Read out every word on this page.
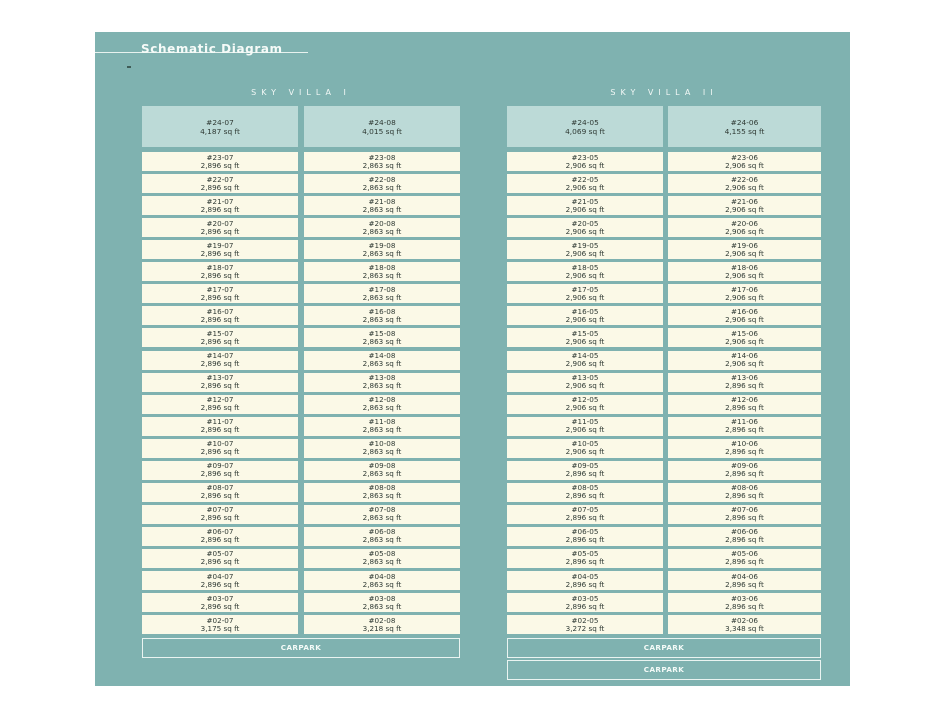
Schematic Diagram
SKY VILLA I	SKY VILLA II
#24-07
4,187 sq ft
#23-07
2,896 sq ft
#22-07
2,896 sq ft
#21-07
2,896 sq ft
#20-07
2,896 sq ft
#19-07
2,896 sq ft
#18-07
2,896 sq ft
#17-07
2,896 sq ft
#16-07
2,896 sq ft
#15-07
2,896 sq ft
#14-07
2,896 sq ft
#13-07
2,896 sq ft
#12-07
2,896 sq ft
#11-07
2,896 sq ft
#10-07
2,896 sq ft
#09-07
2,896 sq ft
#08-07
2,896 sq ft
#07-07
2,896 sq ft
#06-07
2,896 sq ft
#05-07
2,896 sq ft
#04-07
2,896 sq ft
#03-07
2,896 sq ft
#02-07
3,175 sq ft
#24-08
4,015 sq ft
#23-08
2,863 sq ft
#22-08
2,863 sq ft
#21-08
2,863 sq ft
#20-08
2,863 sq ft
#19-08
2,863 sq ft
#18-08
2,863 sq ft
#17-08
2,863 sq ft
#16-08
2,863 sq ft
#15-08
2,863 sq ft
#14-08
2,863 sq ft
#13-08
2,863 sq ft
#12-08
2,863 sq ft
#11-08
2,863 sq ft
#10-08
2,863 sq ft
#09-08
2,863 sq ft
#08-08
2,863 sq ft
#07-08
2,863 sq ft
#06-08
2,863 sq ft
#05-08
2,863 sq ft
#04-08
2,863 sq ft
#03-08
2,863 sq ft
#02-08
3,218 sq ft
CARPARK
#24-05
4,069 sq ft
#23-05
2,906 sq ft
#22-05
2,906 sq ft
#21-05
2,906 sq ft
#20-05
2,906 sq ft
#19-05
2,906 sq ft
#18-05
2,906 sq ft
#17-05
2,906 sq ft
#16-05
2,906 sq ft
#15-05
2,906 sq ft
#14-05
2,906 sq ft
#13-05
2,906 sq ft
#12-05
2,906 sq ft
#11-05
2,906 sq ft
#10-05
2,906 sq ft
#09-05
2,896 sq ft
#08-05
2,896 sq ft
#07-05
2,896 sq ft
#06-05
2,896 sq ft
#05-05
2,896 sq ft
#04-05
2,896 sq ft
#03-05
2,896 sq ft
#02-05
3,272 sq ft
#24-06
4,155 sq ft
#23-06
2,906 sq ft
#22-06
2,906 sq ft
#21-06
2,906 sq ft
#20-06
2,906 sq ft
#19-06
2,906 sq ft
#18-06
2,906 sq ft
#17-06
2,906 sq ft
#16-06
2,906 sq ft
#15-06
2,906 sq ft
#14-06
2,906 sq ft
#13-06
2,896 sq ft
#12-06
2,896 sq ft
#11-06
2,896 sq ft
#10-06
2,896 sq ft
#09-06
2,896 sq ft
#08-06
2,896 sq ft
#07-06
2,896 sq ft
#06-06
2,896 sq ft
#05-06
2,896 sq ft
#04-06
2,896 sq ft
#03-06
2,896 sq ft
#02-06
3,348 sq ft
CARPARK
CARPARK
